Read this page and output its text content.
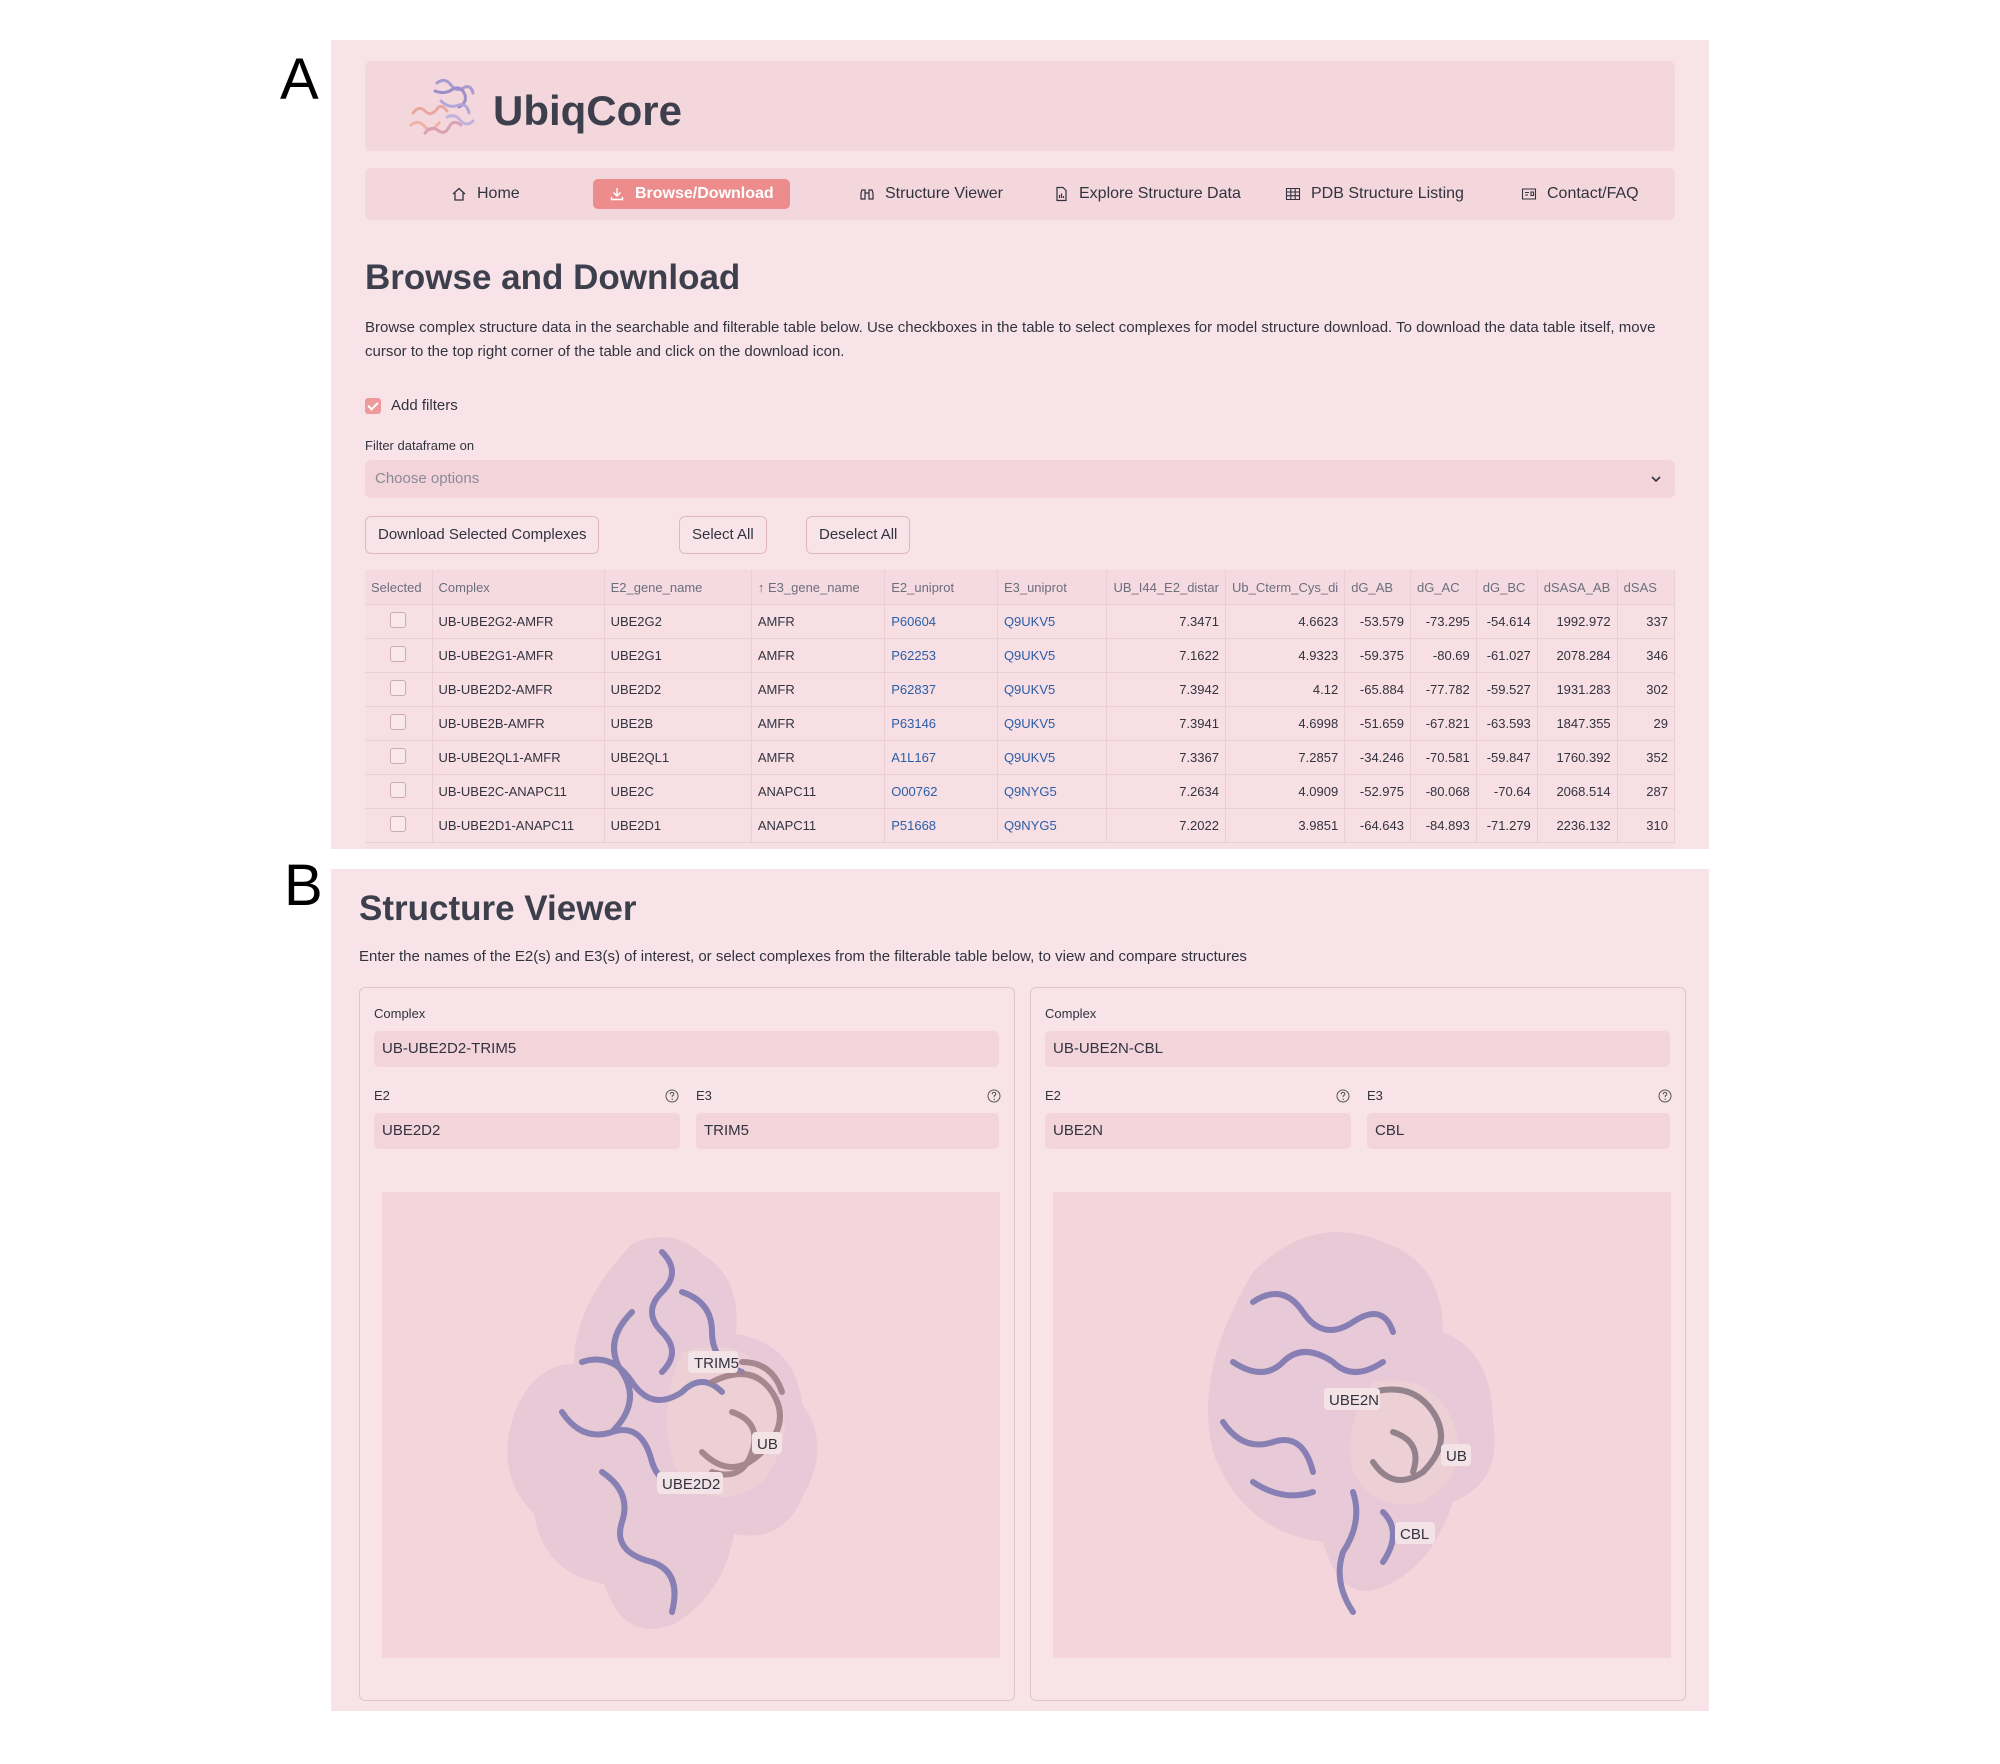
A
B
UbiqCore
Home	Browse/Download	Structure Viewer	Explore Structure Data	PDB Structure Listing	Contact/FAQ
Browse and Download
Browse complex structure data in the searchable and filterable table below. Use checkboxes in the table to select complexes for model structure download. To download the data table itself, move cursor to the top right corner of the table and click on the download icon.
Add filters
Filter dataframe on
Choose options
Download Selected Complexes	Select All	Deselect All
Selected	Complex	E2_gene_name	↑ E3_gene_name	E2_uniprot	E3_uniprot	UB_I44_E2_distar	Ub_Cterm_Cys_di	dG_AB	dG_AC	dG_BC	dSASA_AB	dSAS
	UB-UBE2G2-AMFR	UBE2G2	AMFR	P60604	Q9UKV5	7.3471	4.6623	-53.579	-73.295	-54.614	1992.972	337
	UB-UBE2G1-AMFR	UBE2G1	AMFR	P62253	Q9UKV5	7.1622	4.9323	-59.375	-80.69	-61.027	2078.284	346
	UB-UBE2D2-AMFR	UBE2D2	AMFR	P62837	Q9UKV5	7.3942	4.12	-65.884	-77.782	-59.527	1931.283	302
	UB-UBE2B-AMFR	UBE2B	AMFR	P63146	Q9UKV5	7.3941	4.6998	-51.659	-67.821	-63.593	1847.355	29
	UB-UBE2QL1-AMFR	UBE2QL1	AMFR	A1L167	Q9UKV5	7.3367	7.2857	-34.246	-70.581	-59.847	1760.392	352
	UB-UBE2C-ANAPC11	UBE2C	ANAPC11	O00762	Q9NYG5	7.2634	4.0909	-52.975	-80.068	-70.64	2068.514	287
	UB-UBE2D1-ANAPC11	UBE2D1	ANAPC11	P51668	Q9NYG5	7.2022	3.9851	-64.643	-84.893	-71.279	2236.132	310
Structure Viewer
Enter the names of the E2(s) and E3(s) of interest, or select complexes from the filterable table below, to view and compare structures
Complex
UB-UBE2D2-TRIM5
E2	E3
UBE2D2	TRIM5
TRIM5
UB
UBE2D2
Complex
UB-UBE2N-CBL
E2	E3
UBE2N	CBL
UBE2N
UB
CBL
